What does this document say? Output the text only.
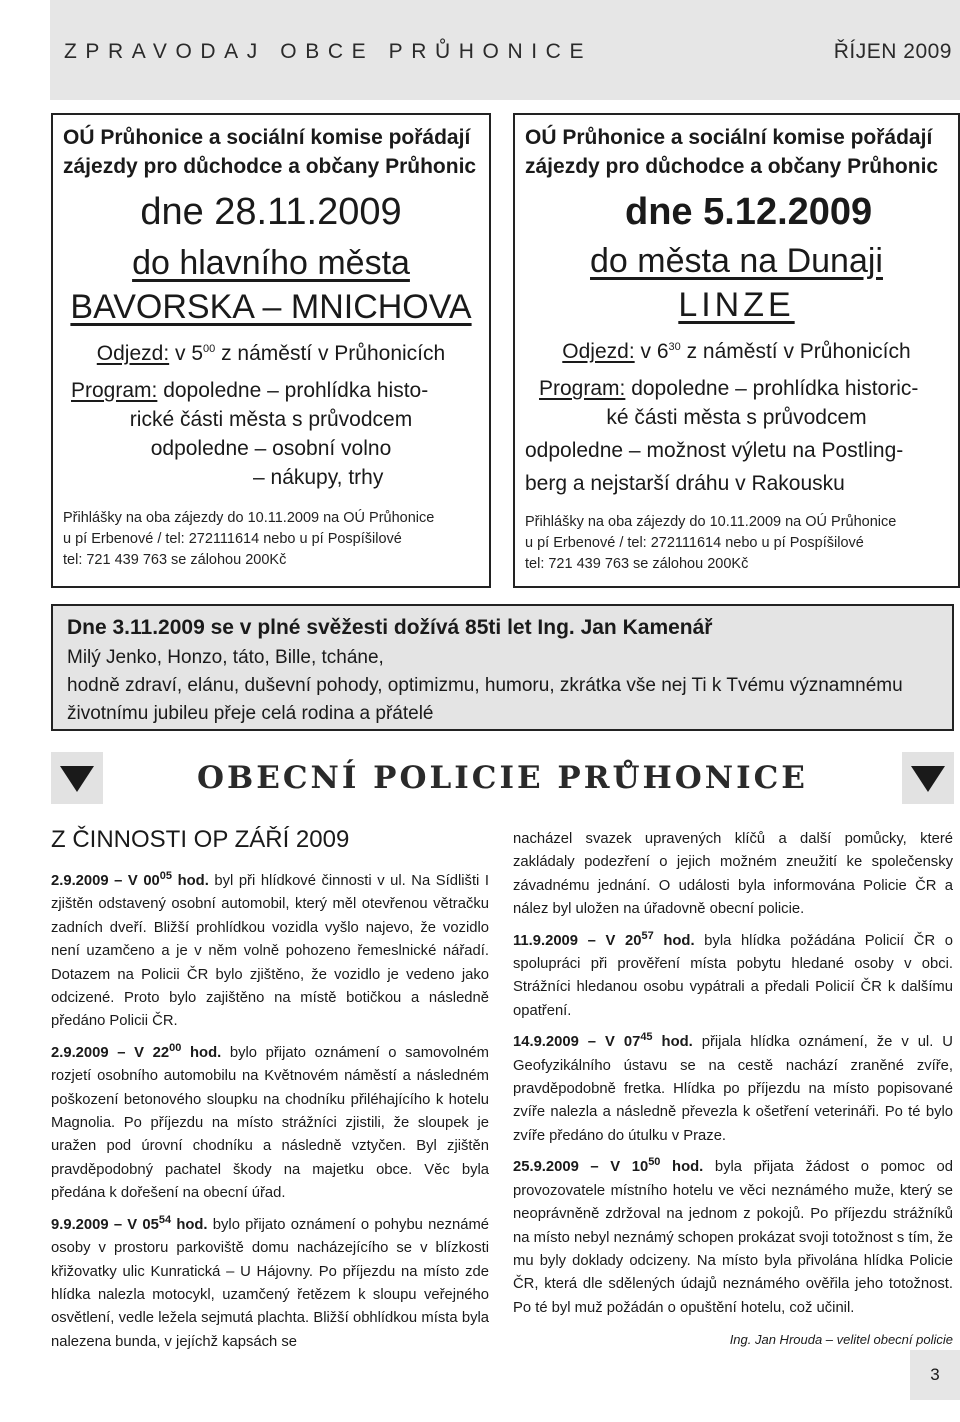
ZPRAVODAJ OBCE PRŮHONICE	ŘÍJEN 2009
OÚ Průhonice a sociální komise pořádají
zájezdy pro důchodce a občany Průhonic
dne 28.11.2009
do hlavního města
BAVORSKA – MNICHOVA
Odjezd: v $5^{00}$ z náměstí v Průhonicích
Program: dopoledne – prohlídka histo-
rické části města s průvodcem
odpoledne – osobní volno
– nákupy, trhy
Přihlášky na oba zájezdy do 10.11.2009 na OÚ Průhonice
u pí Erbenové / tel: 272111614 nebo u pí Pospíšilové
tel: 721 439 763 se zálohou 200Kč
OÚ Průhonice a sociální komise pořádají
zájezdy pro důchodce a občany Průhonic
dne 5.12.2009
do města na Dunaji
LINZE
Odjezd: v $6^{30}$ z náměstí v Průhonicích
Program: dopoledne – prohlídka historic-
ké části města s průvodcem
odpoledne – možnost výletu na Postling-
berg a nejstarší dráhu v Rakousku
Přihlášky na oba zájezdy do 10.11.2009 na OÚ Průhonice
u pí Erbenové / tel: 272111614 nebo u pí Pospíšilové
tel: 721 439 763 se zálohou 200Kč
Dne 3.11.2009 se v plné svěžesti dožívá 85ti let Ing. Jan Kamenář
Milý Jenko, Honzo, táto, Bille, tcháne,
hodně zdraví, elánu, duševní pohody, optimizmu, humoru, zkrátka vše nej Ti k Tvému významnému
životnímu jubileu přeje celá rodina a přátelé
OBECNÍ POLICIE PRŮHONICE
Z ČINNOSTI OP ZÁŘÍ 2009

2.9.2009 – V $00^{05}$ hod. byl při hlídkové činnosti v ul. Na Sídlišti I zjištěn odstavený osobní automobil, který měl otevřenou větračku zadních dveří. Bližší prohlídkou vozidla vyšlo najevo, že vozidlo není uzamčeno a je v něm volně pohozeno řemeslnické nářadí. Dotazem na Policii ČR bylo zjištěno, že vozidlo je vedeno jako odcizené. Proto bylo zajištěno na místě botičkou a následně předáno Policii ČR.

2.9.2009 – V $22^{00}$ hod. bylo přijato oznámení o samovolném rozjetí osobního automobilu na Květnovém náměstí a následném poškození betonového sloupku na chodníku přiléhajícího k hotelu Magnolia. Po příjezdu na místo strážníci zjistili, že sloupek je uražen pod úrovní chodníku a následně vztyčen. Byl zjištěn pravděpodobný pachatel škody na majetku obce. Věc byla předána k dořešení na obecní úřad.

9.9.2009 – V $05^{54}$ hod. bylo přijato oznámení o pohybu neznámé osoby v prostoru parkoviště domu nacházejícího se v blízkosti křižovatky ulic Kunratická – U Hájovny. Po příjezdu na místo zde hlídka nalezla motocykl, uzamčený řetězem k sloupu veřejného osvětlení, vedle ležela sejmutá plachta. Bližší obhlídkou místa byla nalezena bunda, v jejíchž kapsách se

nacházel svazek upravených klíčů a další pomůcky, které zakládaly podezření o jejich možném zneužití ke společensky závadnému jednání. O události byla informována Policie ČR a nález byl uložen na úřadovně obecní policie.

11.9.2009 – V $20^{57}$ hod. byla hlídka požádána Policií ČR o spolupráci při prověření místa pobytu hledané osoby v obci. Strážníci hledanou osobu vypátrali a předali Policií ČR k dalšímu opatření.

14.9.2009 – V $07^{45}$ hod. přijala hlídka oznámení, že v ul. U Geofyzikálního ústavu se na cestě nachází zraněné zvíře, pravděpodobně fretka. Hlídka po příjezdu na místo popisované zvíře nalezla a následně převezla k ošetření veterináři. Po té bylo zvíře předáno do útulku v Praze.

25.9.2009 – V $10^{50}$ hod. byla přijata žádost o pomoc od provozovatele místního hotelu ve věci neznámého muže, který se neoprávněně zdržoval na jednom z pokojů. Po příjezdu strážníků na místo nebyl neznámý schopen prokázat svoji totožnost s tím, že mu byly doklady odcizeny. Na místo byla přivolána hlídka Policie ČR, která dle sdělených údajů neznámého ověřila jeho totožnost. Po té byl muž požádán o opuštění hotelu, což učinil.

Ing. Jan Hrouda – velitel obecní policie
3
